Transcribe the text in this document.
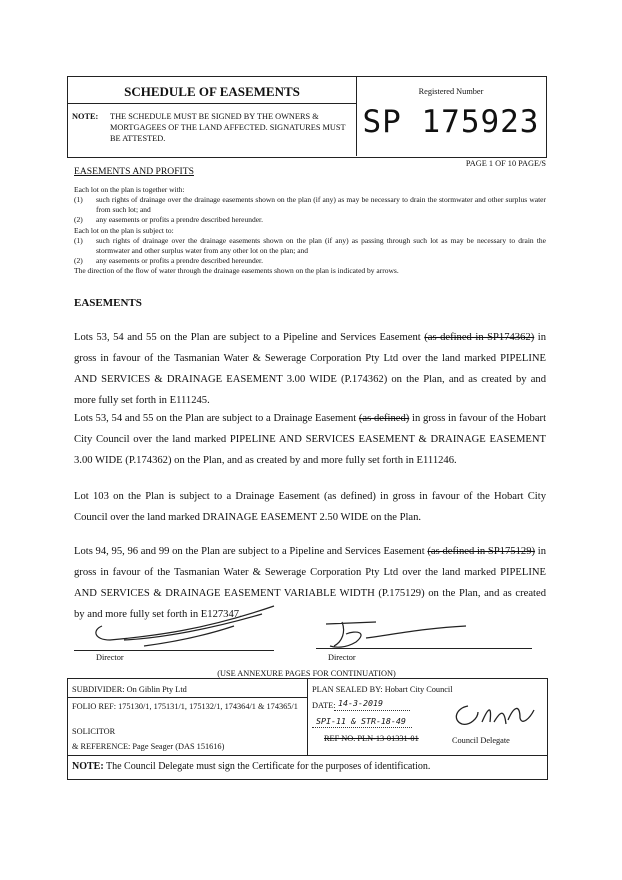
SCHEDULE OF EASEMENTS
NOTE: THE SCHEDULE MUST BE SIGNED BY THE OWNERS & MORTGAGEES OF THE LAND AFFECTED. SIGNATURES MUST BE ATTESTED.
Registered Number
SP 175923
PAGE 1 OF 10 PAGE/S
EASEMENTS AND PROFITS
Each lot on the plan is together with:
(1) such rights of drainage over the drainage easements shown on the plan (if any) as may be necessary to drain the stormwater and other surplus water from such lot; and
(2) any easements or profits a prendre described hereunder.
Each lot on the plan is subject to:
(1) such rights of drainage over the drainage easements shown on the plan (if any) as passing through such lot as may be necessary to drain the stormwater and other surplus water from any other lot on the plan; and
(2) any easements or profits a prendre described hereunder.
The direction of the flow of water through the drainage easements shown on the plan is indicated by arrows.
EASEMENTS
Lots 53, 54 and 55 on the Plan are subject to a Pipeline and Services Easement (as defined in SP174362) in gross in favour of the Tasmanian Water & Sewerage Corporation Pty Ltd over the land marked PIPELINE AND SERVICES & DRAINAGE EASEMENT 3.00 WIDE (P.174362) on the Plan, and as created by and more fully set forth in E111245.
Lots 53, 54 and 55 on the Plan are subject to a Drainage Easement (as defined) in gross in favour of the Hobart City Council over the land marked PIPELINE AND SERVICES EASEMENT & DRAINAGE EASEMENT 3.00 WIDE (P.174362) on the Plan, and as created by and more fully set forth in E111246.
Lot 103 on the Plan is subject to a Drainage Easement (as defined) in gross in favour of the Hobart City Council over the land marked DRAINAGE EASEMENT 2.50 WIDE on the Plan.
Lots 94, 95, 96 and 99 on the Plan are subject to a Pipeline and Services Easement (as defined in SP175129) in gross in favour of the Tasmanian Water & Sewerage Corporation Pty Ltd over the land marked PIPELINE AND SERVICES & DRAINAGE EASEMENT VARIABLE WIDTH (P.175129) on the Plan, and as created by and more fully set forth in E127347.
Director	Director
(USE ANNEXURE PAGES FOR CONTINUATION)
SUBDIVIDER: On Giblin Pty Ltd
FOLIO REF: 175130/1, 175131/1, 175132/1, 174364/1 & 174365/1
SOLICITOR
& REFERENCE: Page Seager (DAS 151616)
PLAN SEALED BY: Hobart City Council
DATE: 14-3-2019
SPI-11 & STR-18-49
REF NO. PLN-13-01331-01	Council Delegate
NOTE: The Council Delegate must sign the Certificate for the purposes of identification.
